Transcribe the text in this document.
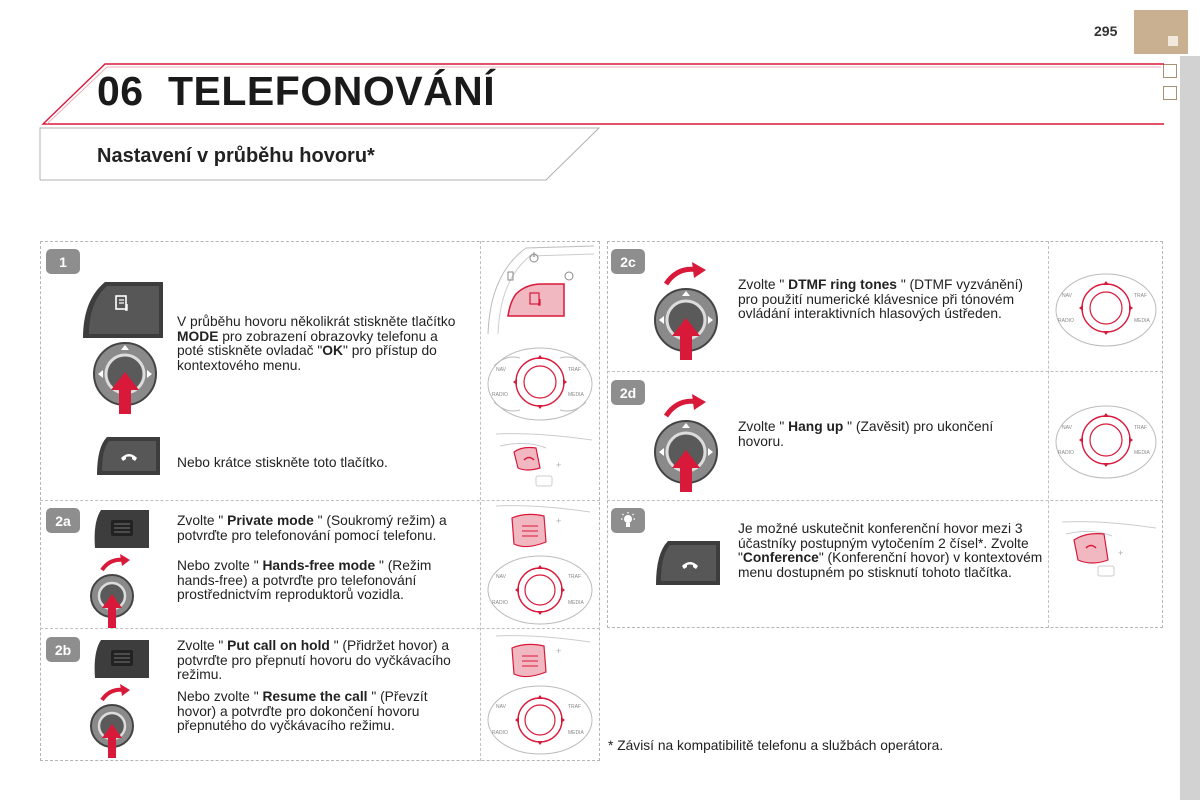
295
06 TELEFONOVÁNÍ
Nastavení v průběhu hovoru*
1
V průběhu hovoru několikrát stiskněte tlačítko MODE pro zobrazení obrazovky telefonu a poté stiskněte ovladač "OK" pro přístup do kontextového menu.
Nebo krátce stiskněte toto tlačítko.
NAV	TRAF
RADIO	MEDIA
+
2a	Zvolte " Private mode " (Soukromý režim) a potvrďte pro telefonování pomocí telefonu.
Nebo zvolte " Hands-free mode " (Režim hands-free) a potvrďte pro telefonování prostřednictvím reproduktorů vozidla.
+
NAV	TRAF
RADIO	MEDIA
2b	Zvolte " Put call on hold " (Přidržet hovor) a potvrďte pro přepnutí hovoru do vyčkávacího režimu.
Nebo zvolte " Resume the call " (Převzít hovor) a potvrďte pro dokončení hovoru přepnutého do vyčkávacího režimu.
+
NAV	TRAF
RADIO	MEDIA
2c
Zvolte " DTMF ring tones " (DTMF vyzvánění) pro použití numerické klávesnice při tónovém ovládání interaktivních hlasových ústředen.
NAV	TRAF
RADIO	MEDIA
2d
Zvolte " Hang up " (Zavěsit) pro ukončení hovoru.
NAV	TRAF
RADIO	MEDIA
Je možné uskutečnit konferenční hovor mezi 3 účastníky postupným vytočením 2 čísel*. Zvolte "Conference" (Konferenční hovor) v kontextovém menu dostupném po stisknutí tohoto tlačítka.
+
* Závisí na kompatibilitě telefonu a službách operátora.
